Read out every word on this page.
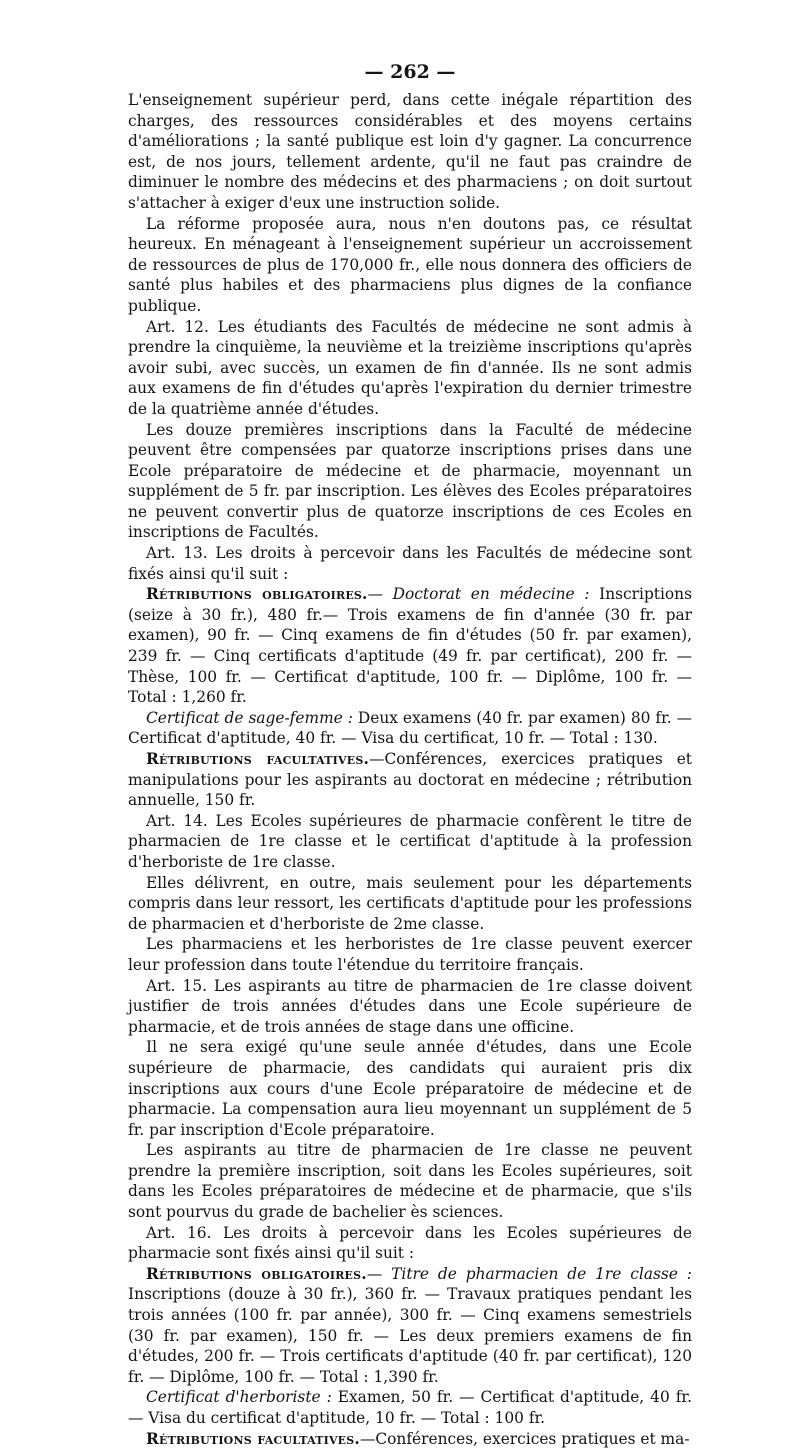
— 262 —

L'enseignement supérieur perd, dans cette inégale répartition des charges, des ressources considérables et des moyens certains d'améliorations ; la santé publique est loin d'y gagner. La concurrence est, de nos jours, tellement ardente, qu'il ne faut pas craindre de diminuer le nombre des médecins et des pharmaciens ; on doit surtout s'attacher à exiger d'eux une instruction solide.

La réforme proposée aura, nous n'en doutons pas, ce résultat heureux. En ménageant à l'enseignement supérieur un accroissement de ressources de plus de 170,000 fr., elle nous donnera des officiers de santé plus habiles et des pharmaciens plus dignes de la confiance publique.

Art. 12. Les étudiants des Facultés de médecine ne sont admis à prendre la cinquième, la neuvième et la treizième inscriptions qu'après avoir subi, avec succès, un examen de fin d'année. Ils ne sont admis aux examens de fin d'études qu'après l'expiration du dernier trimestre de la quatrième année d'études.

Les douze premières inscriptions dans la Faculté de médecine peuvent être compensées par quatorze inscriptions prises dans une Ecole préparatoire de médecine et de pharmacie, moyennant un supplément de 5 fr. par inscription. Les élèves des Ecoles préparatoires ne peuvent convertir plus de quatorze inscriptions de ces Ecoles en inscriptions de Facultés.

Art. 13. Les droits à percevoir dans les Facultés de médecine sont fixés ainsi qu'il suit :

Rétributions obligatoires.— Doctorat en médecine : Inscriptions (seize à 30 fr.), 480 fr.— Trois examens de fin d'année (30 fr. par examen), 90 fr. — Cinq examens de fin d'études (50 fr. par examen), 239 fr. — Cinq certificats d'aptitude (49 fr. par certificat), 200 fr. — Thèse, 100 fr. — Certificat d'aptitude, 100 fr. — Diplôme, 100 fr. — Total : 1,260 fr.

Certificat de sage-femme : Deux examens (40 fr. par examen) 80 fr. — Certificat d'aptitude, 40 fr. — Visa du certificat, 10 fr. — Total : 130.

Rétributions facultatives.—Conférences, exercices pratiques et manipulations pour les aspirants au doctorat en médecine ; rétribution annuelle, 150 fr.

Art. 14. Les Ecoles supérieures de pharmacie confèrent le titre de pharmacien de 1re classe et le certificat d'aptitude à la profession d'herboriste de 1re classe.

Elles délivrent, en outre, mais seulement pour les départements compris dans leur ressort, les certificats d'aptitude pour les professions de pharmacien et d'herboriste de 2me classe.

Les pharmaciens et les herboristes de 1re classe peuvent exercer leur profession dans toute l'étendue du territoire français.

Art. 15. Les aspirants au titre de pharmacien de 1re classe doivent justifier de trois années d'études dans une Ecole supérieure de pharmacie, et de trois années de stage dans une officine.

Il ne sera exigé qu'une seule année d'études, dans une Ecole supérieure de pharmacie, des candidats qui auraient pris dix inscriptions aux cours d'une Ecole préparatoire de médecine et de pharmacie. La compensation aura lieu moyennant un supplément de 5 fr. par inscription d'Ecole préparatoire.

Les aspirants au titre de pharmacien de 1re classe ne peuvent prendre la première inscription, soit dans les Ecoles supérieures, soit dans les Ecoles préparatoires de médecine et de pharmacie, que s'ils sont pourvus du grade de bachelier ès sciences.

Art. 16. Les droits à percevoir dans les Ecoles supérieures de pharmacie sont fixés ainsi qu'il suit :

Rétributions obligatoires.— Titre de pharmacien de 1re classe : Inscriptions (douze à 30 fr.), 360 fr. — Travaux pratiques pendant les trois années (100 fr. par année), 300 fr. — Cinq examens semestriels (30 fr. par examen), 150 fr. — Les deux premiers examens de fin d'études, 200 fr. — Trois certificats d'aptitude (40 fr. par certificat), 120 fr. — Diplôme, 100 fr. — Total : 1,390 fr.

Certificat d'herboriste : Examen, 50 fr. — Certificat d'aptitude, 40 fr. — Visa du certificat d'aptitude, 10 fr. — Total : 100 fr.

Rétributions facultatives.—Conférences, exercices pratiques et ma-
